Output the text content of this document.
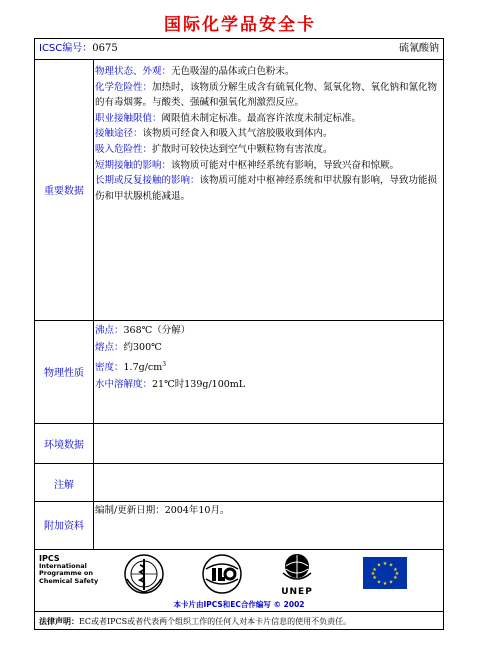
国际化学品安全卡
ICSC编号：0675	硫氰酸钠
重要数据
物理状态、外观：无色吸湿的晶体或白色粉末。
化学危险性：加热时，该物质分解生成含有硫氧化物、氮氧化物、氧化钠和氰化物的有毒烟雾。与酸类、强碱和强氧化剂激烈反应。
职业接触限值：阈限值未制定标准。最高容许浓度未制定标准。
接触途径：该物质可经食入和吸入其气溶胶吸收到体内。
吸入危险性：扩散时可较快达到空气中颗粒物有害浓度。
短期接触的影响：该物质可能对中枢神经系统有影响，导致兴奋和惊厥。
长期或反复接触的影响：该物质可能对中枢神经系统和甲状腺有影响，导致功能损伤和甲状腺机能减退。
物理性质
沸点：368℃（分解）
熔点：约300℃
密度：$1.7g/cm^3$
水中溶解度：21℃时139g/100mL
环境数据
注解
附加资料
编制/更新日期：2004年10月。
IPCS
International
Programme on
Chemical Safety
UNEP
★ ★
★
★
★
★
★
★
★
★
★
★
本卡片由IPCS和EC合作编写 © 2002
法律声明：EC或者IPCS或者代表两个组织工作的任何人对本卡片信息的使用不负责任。
